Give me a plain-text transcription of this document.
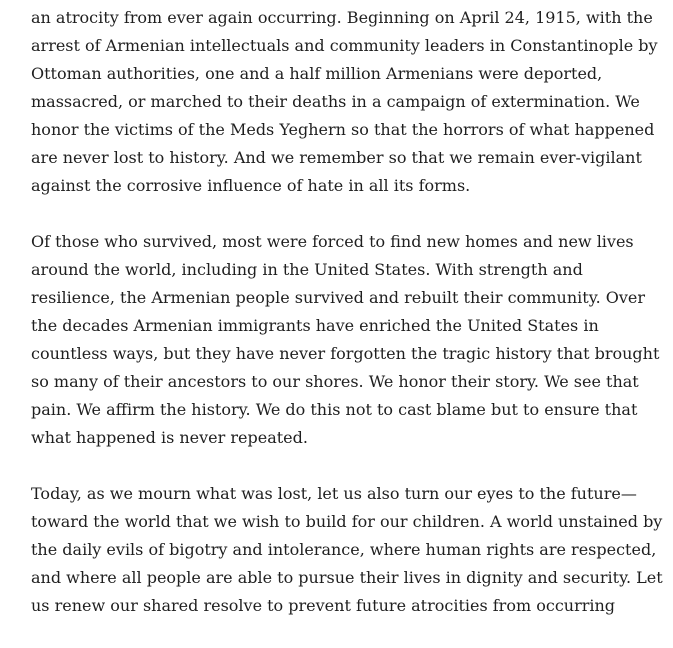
an atrocity from ever again occurring. Beginning on April 24, 1915, with the
arrest of Armenian intellectuals and community leaders in Constantinople by
Ottoman authorities, one and a half million Armenians were deported,
massacred, or marched to their deaths in a campaign of extermination. We
honor the victims of the Meds Yeghern so that the horrors of what happened
are never lost to history. And we remember so that we remain ever-vigilant
against the corrosive influence of hate in all its forms.

Of those who survived, most were forced to find new homes and new lives
around the world, including in the United States. With strength and
resilience, the Armenian people survived and rebuilt their community. Over
the decades Armenian immigrants have enriched the United States in
countless ways, but they have never forgotten the tragic history that brought
so many of their ancestors to our shores. We honor their story. We see that
pain. We affirm the history. We do this not to cast blame but to ensure that
what happened is never repeated.

Today, as we mourn what was lost, let us also turn our eyes to the future—
toward the world that we wish to build for our children. A world unstained by
the daily evils of bigotry and intolerance, where human rights are respected,
and where all people are able to pursue their lives in dignity and security. Let
us renew our shared resolve to prevent future atrocities from occurring
